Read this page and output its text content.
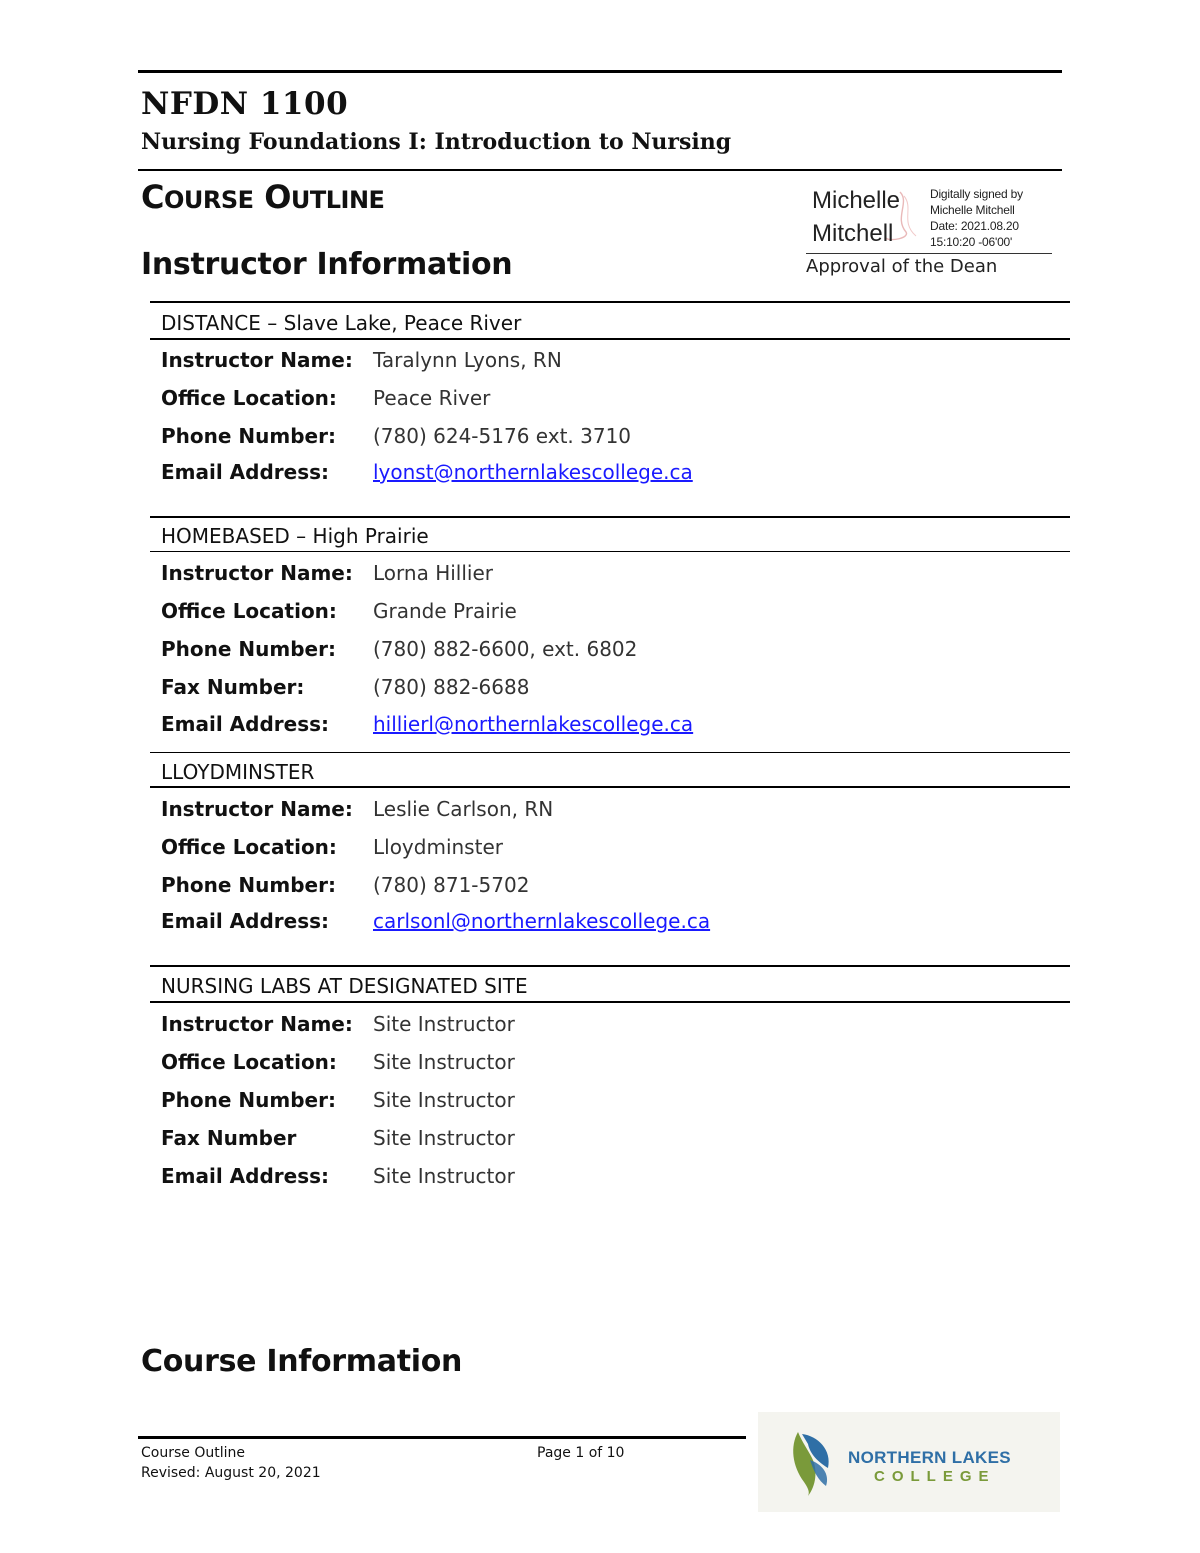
NFDN 1100
Nursing Foundations I: Introduction to Nursing
COURSE OUTLINE
Instructor Information
Michelle
Mitchell
Digitally signed by
Michelle Mitchell
Date: 2021.08.20
15:10:20 -06'00'
Approval of the Dean
DISTANCE – Slave Lake, Peace River
Instructor Name: Taralynn Lyons, RN
Office Location: Peace River
Phone Number: (780) 624-5176 ext. 3710
Email Address: lyonst@northernlakescollege.ca
HOMEBASED – High Prairie
Instructor Name: Lorna Hillier
Office Location: Grande Prairie
Phone Number: (780) 882-6600, ext. 6802
Fax Number:	(780) 882-6688
Email Address: hillierl@northernlakescollege.ca
LLOYDMINSTER
Instructor Name: Leslie Carlson, RN
Office Location: Lloydminster
Phone Number: (780) 871-5702
Email Address: carlsonl@northernlakescollege.ca
NURSING LABS AT DESIGNATED SITE
Instructor Name: Site Instructor
Office Location: Site Instructor
Phone Number: Site Instructor
Fax Number	Site Instructor
Email Address: Site Instructor
Course Information
Course Outline
Revised: August 20, 2021
Page 1 of 10	NORTHERN LAKES
COLLEGE
